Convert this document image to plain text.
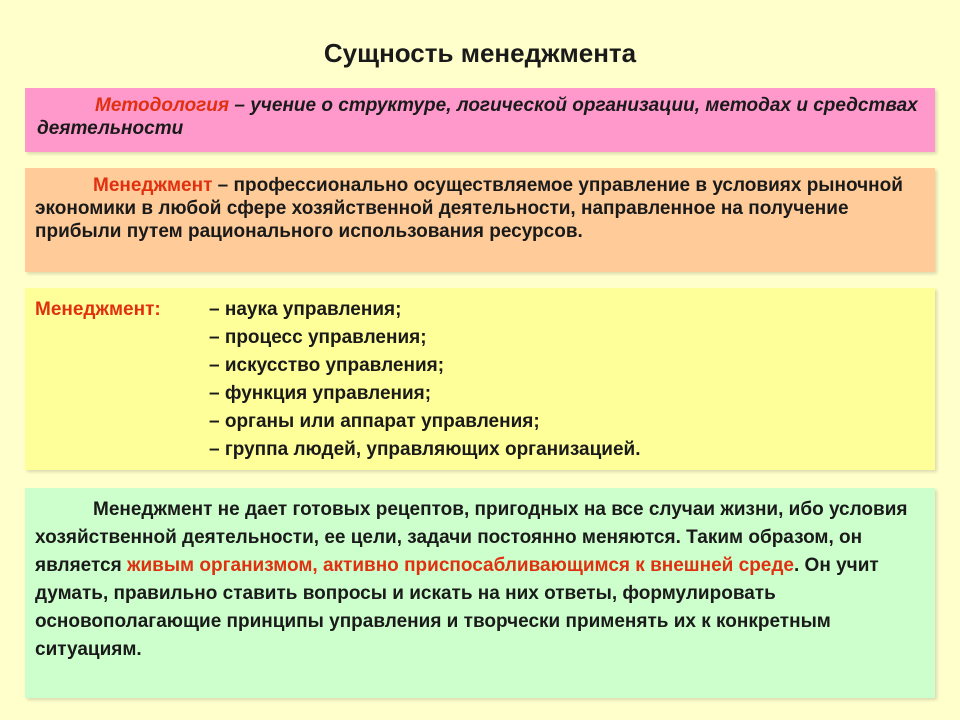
Сущность менеджмента
Методология – учение о структуре, логической организации, методах и средствах деятельности
Менеджмент – профессионально осуществляемое управление в условиях рыночной экономики в любой сфере хозяйственной деятельности, направленное на получение прибыли путем рационального использования ресурсов.
Менеджмент:	– наука управления;
– процесс управления;
– искусство управления;
– функция управления;
– органы или аппарат управления;
– группа людей, управляющих организацией.
Менеджмент не дает готовых рецептов, пригодных на все случаи жизни, ибо условия хозяйственной деятельности, ее цели, задачи постоянно меняются. Таким образом, он является живым организмом, активно приспосабливающимся к внешней среде. Он учит думать, правильно ставить вопросы и искать на них ответы, формулировать основополагающие принципы управления и творчески применять их к конкретным ситуациям.
